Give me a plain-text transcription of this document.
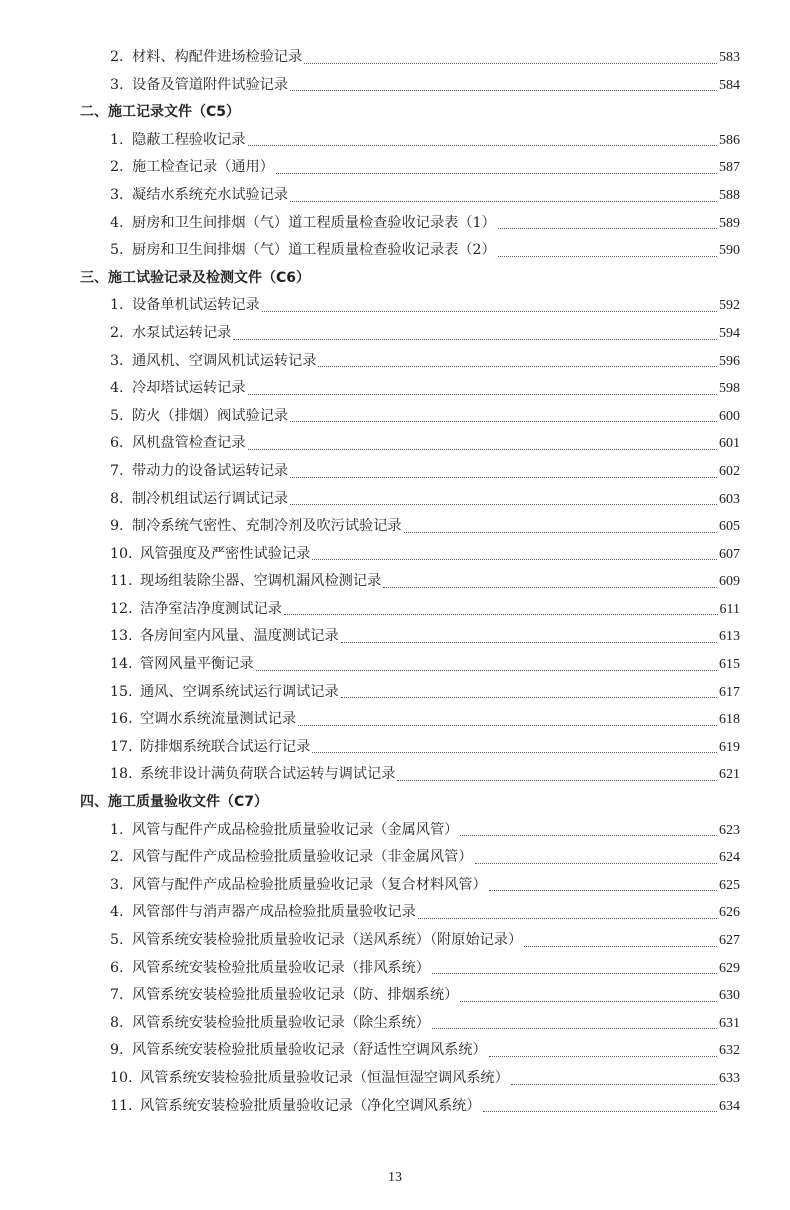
2. 材料、构配件进场检验记录	583
3. 设备及管道附件试验记录	584
二、施工记录文件（C5）
1. 隐蔽工程验收记录	586
2. 施工检查记录（通用）	587
3. 凝结水系统充水试验记录	588
4. 厨房和卫生间排烟（气）道工程质量检查验收记录表（1）	589
5. 厨房和卫生间排烟（气）道工程质量检查验收记录表（2）	590
三、施工试验记录及检测文件（C6）
1. 设备单机试运转记录	592
2. 水泵试运转记录	594
3. 通风机、空调风机试运转记录	596
4. 冷却塔试运转记录	598
5. 防火（排烟）阀试验记录	600
6. 风机盘管检查记录	601
7. 带动力的设备试运转记录	602
8. 制冷机组试运行调试记录	603
9. 制冷系统气密性、充制冷剂及吹污试验记录	605
10. 风管强度及严密性试验记录	607
11. 现场组装除尘器、空调机漏风检测记录	609
12. 洁净室洁净度测试记录	611
13. 各房间室内风量、温度测试记录	613
14. 管网风量平衡记录	615
15. 通风、空调系统试运行调试记录	617
16. 空调水系统流量测试记录	618
17. 防排烟系统联合试运行记录	619
18. 系统非设计满负荷联合试运转与调试记录	621
四、施工质量验收文件（C7）
1. 风管与配件产成品检验批质量验收记录（金属风管）	623
2. 风管与配件产成品检验批质量验收记录（非金属风管）	624
3. 风管与配件产成品检验批质量验收记录（复合材料风管）	625
4. 风管部件与消声器产成品检验批质量验收记录	626
5. 风管系统安装检验批质量验收记录（送风系统）（附原始记录）	627
6. 风管系统安装检验批质量验收记录（排风系统）	629
7. 风管系统安装检验批质量验收记录（防、排烟系统）	630
8. 风管系统安装检验批质量验收记录（除尘系统）	631
9. 风管系统安装检验批质量验收记录（舒适性空调风系统）	632
10. 风管系统安装检验批质量验收记录（恒温恒湿空调风系统）	633
11. 风管系统安装检验批质量验收记录（净化空调风系统）	634
13
